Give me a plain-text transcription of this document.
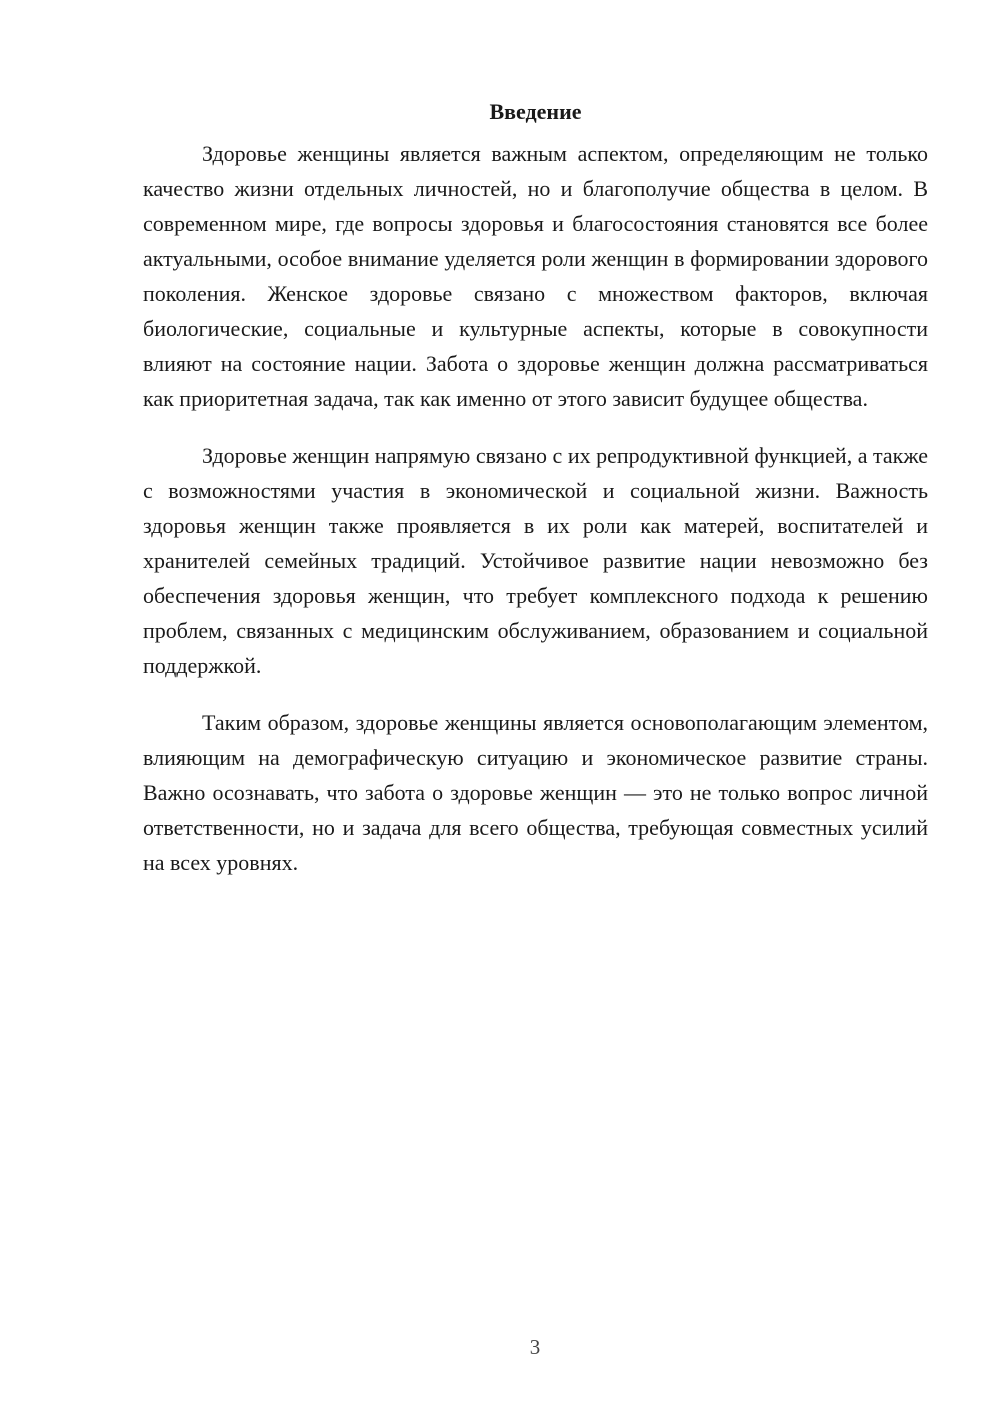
Введение

Здоровье женщины является важным аспектом, определяющим не только качество жизни отдельных личностей, но и благополучие общества в целом. В современном мире, где вопросы здоровья и благосостояния становятся все более актуальными, особое внимание уделяется роли женщин в формировании здорового поколения. Женское здоровье связано с множеством факторов, включая биологические, социальные и культурные аспекты, которые в совокупности влияют на состояние нации. Забота о здоровье женщин должна рассматриваться как приоритетная задача, так как именно от этого зависит будущее общества.

Здоровье женщин напрямую связано с их репродуктивной функцией, а также с возможностями участия в экономической и социальной жизни. Важность здоровья женщин также проявляется в их роли как матерей, воспитателей и хранителей семейных традиций. Устойчивое развитие нации невозможно без обеспечения здоровья женщин, что требует комплексного подхода к решению проблем, связанных с медицинским обслуживанием, образованием и социальной поддержкой.

Таким образом, здоровье женщины является основополагающим элементом, влияющим на демографическую ситуацию и экономическое развитие страны. Важно осознавать, что забота о здоровье женщин — это не только вопрос личной ответственности, но и задача для всего общества, требующая совместных усилий на всех уровнях.

3
